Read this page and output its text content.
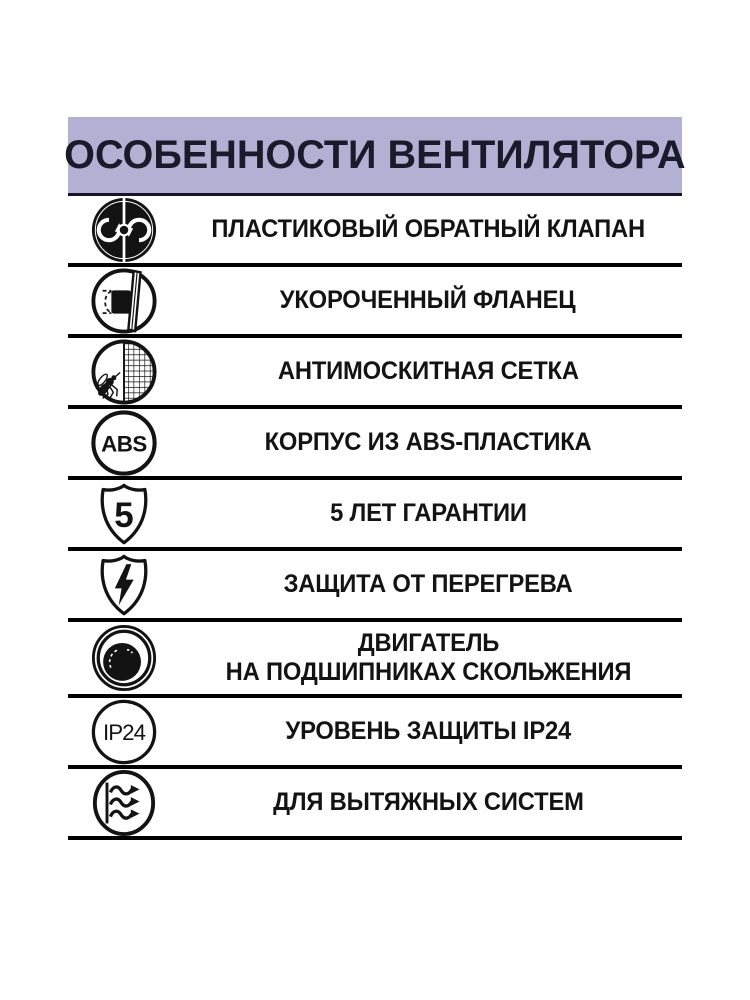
ОСОБЕННОСТИ ВЕНТИЛЯТОРА
ПЛАСТИКОВЫЙ ОБРАТНЫЙ КЛАПАН
УКОРОЧЕННЫЙ ФЛАНЕЦ
АНТИМОСКИТНАЯ СЕТКА
ABS	КОРПУС ИЗ ABS-ПЛАСТИКА
5	5 ЛЕТ ГАРАНТИИ
ЗАЩИТА ОТ ПЕРЕГРЕВА
ДВИГАТЕЛЬ
НА ПОДШИПНИКАХ СКОЛЬЖЕНИЯ
IP24	УРОВЕНЬ ЗАЩИТЫ IP24
ДЛЯ ВЫТЯЖНЫХ СИСТЕМ
